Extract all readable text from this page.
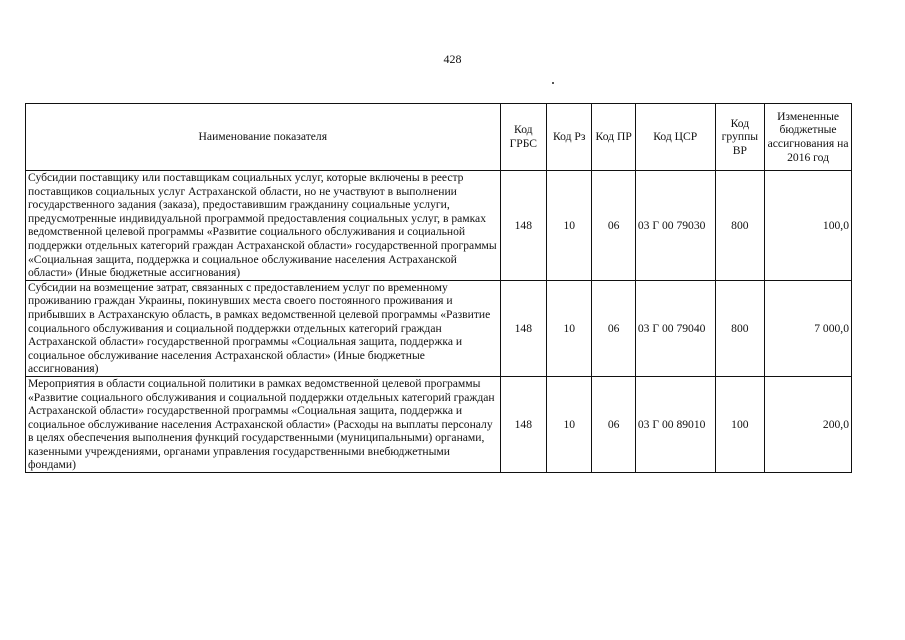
428
Наименование показателя	Код ГРБС	Код Рз	Код ПР	Код ЦСР	Код группы ВР	Измененные бюджетные ассигнования на 2016 год
Субсидии поставщику или поставщикам социальных услуг, которые включены в реестр поставщиков социальных услуг Астраханской области, но не участвуют в выполнении государственного задания (заказа), предоставившим гражданину социальные услуги, предусмотренные индивидуальной программой предоставления социальных услуг, в рамках ведомственной целевой программы «Развитие социального обслуживания и социальной поддержки отдельных категорий граждан Астраханской области» государственной программы «Социальная защита, поддержка и социальное обслуживание населения Астраханской области» (Иные бюджетные ассигнования)	148	10	06	03 Г 00 79030	800	100,0
Субсидии на возмещение затрат, связанных с предоставлением услуг по временному проживанию граждан Украины, покинувших места своего постоянного проживания и прибывших в Астраханскую область, в рамках ведомственной целевой программы «Развитие социального обслуживания и социальной поддержки отдельных категорий граждан Астраханской области» государственной программы «Социальная защита, поддержка и социальное обслуживание населения Астраханской области» (Иные бюджетные ассигнования)	148	10	06	03 Г 00 79040	800	7 000,0
Мероприятия в области социальной политики в рамках ведомственной целевой программы «Развитие социального обслуживания и социальной поддержки отдельных категорий граждан Астраханской области» государственной программы «Социальная защита, поддержка и социальное обслуживание населения Астраханской области» (Расходы на выплаты персоналу в целях обеспечения выполнения функций государственными (муниципальными) органами, казенными учреждениями, органами управления государственными внебюджетными фондами)	148	10	06	03 Г 00 89010	100	200,0
